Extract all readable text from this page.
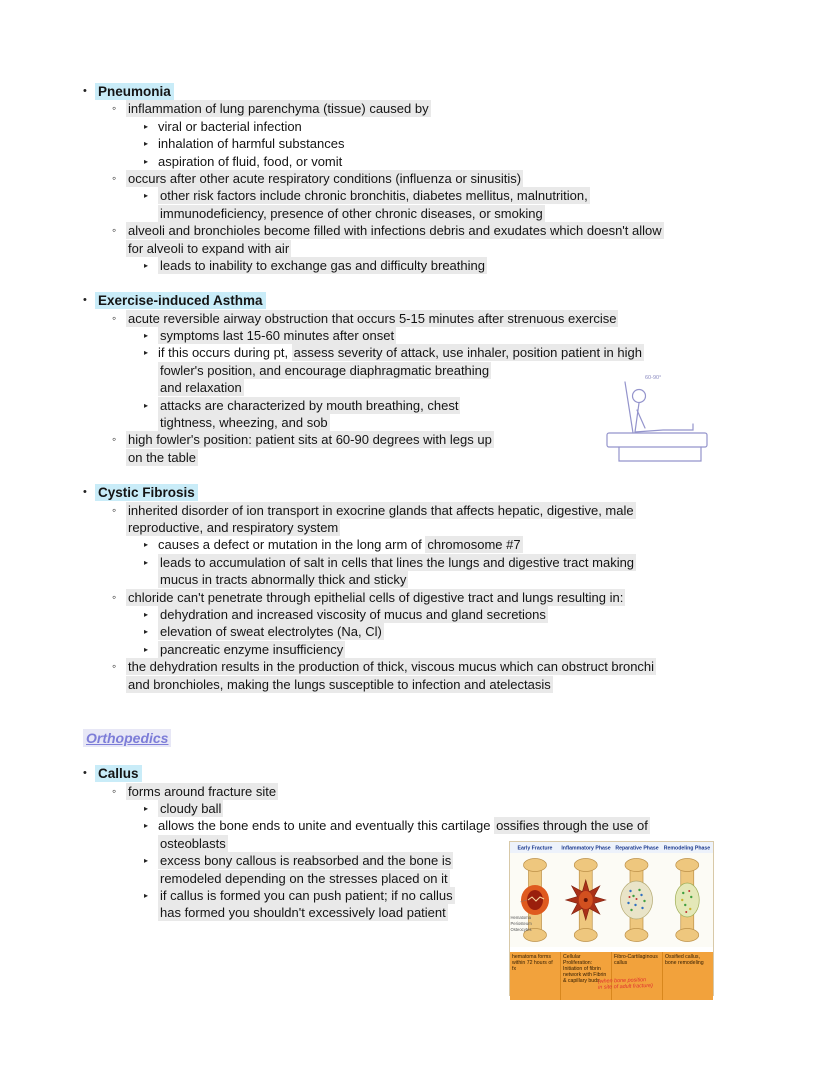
• Pneumonia
◦ inflammation of lung parenchyma (tissue) caused by
▸ viral or bacterial infection
▸ inhalation of harmful substances
▸ aspiration of fluid, food, or vomit
◦ occurs after other acute respiratory conditions (influenza or sinusitis)
▸ other risk factors include chronic bronchitis, diabetes mellitus, malnutrition,
immunodeficiency, presence of other chronic diseases, or smoking
◦ alveoli and bronchioles become filled with infections debris and exudates which doesn't allow
for alveoli to expand with air
▸ leads to inability to exchange gas and difficulty breathing
• Exercise-induced Asthma
◦ acute reversible airway obstruction that occurs 5-15 minutes after strenuous exercise
▸ symptoms last 15-60 minutes after onset
▸ if this occurs during pt, assess severity of attack, use inhaler, position patient in high
fowler's position, and encourage diaphragmatic breathing
and relaxation
▸ attacks are characterized by mouth breathing, chest
tightness, wheezing, and sob
◦ high fowler's position: patient sits at 60-90 degrees with legs up
on the table
• Cystic Fibrosis
◦ inherited disorder of ion transport in exocrine glands that affects hepatic, digestive, male
reproductive, and respiratory system
▸ causes a defect or mutation in the long arm of chromosome #7
▸ leads to accumulation of salt in cells that lines the lungs and digestive tract making
mucus in tracts abnormally thick and sticky
◦ chloride can't penetrate through epithelial cells of digestive tract and lungs resulting in:
▸ dehydration and increased viscosity of mucus and gland secretions
▸ elevation of sweat electrolytes (Na, Cl)
▸ pancreatic enzyme insufficiency
◦ the dehydration results in the production of thick, viscous mucus which can obstruct bronchi
and bronchioles, making the lungs susceptible to infection and atelectasis
Orthopedics
• Callus
◦ forms around fracture site
▸ cloudy ball
▸ allows the bone ends to unite and eventually this cartilage ossifies through the use of
osteoblasts
▸ excess bony callous is reabsorbed and the bone is
remodeled depending on the stresses placed on it
▸ if callus is formed you can push patient; if no callus
has formed you shouldn't excessively load patient
60-90°
Early Fracture Inflammatory Phase Reparative Phase Remodeling Phase
Hematoma
Periosteum
Osteocytes
hematoma forms within 72 hours of fx
Cellular Proliferation: Initiation of fibrin network with Fibrin & capillary buds
Fibro-Cartilaginous callus
Ossified callus, bone remodeling
(when bone position
in site of adult fracture)
